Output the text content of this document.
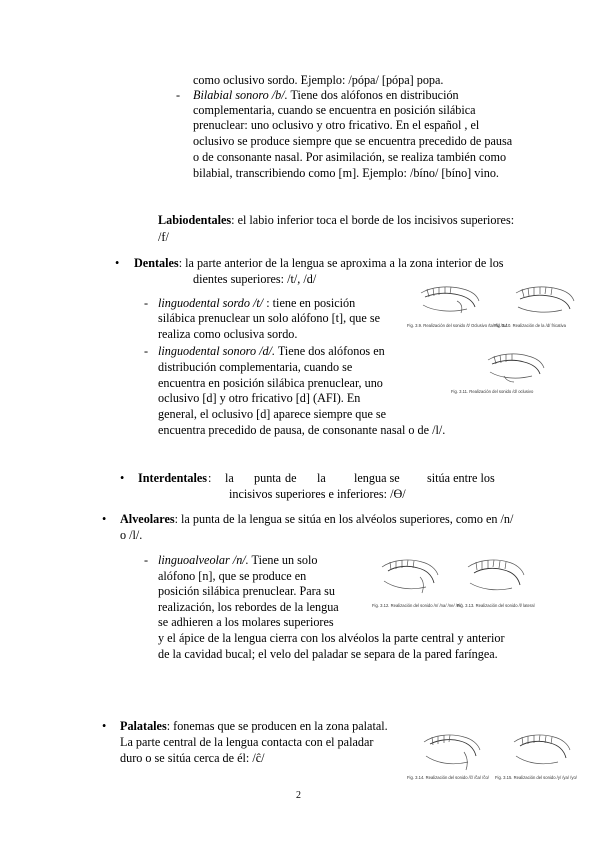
como oclusivo sordo. Ejemplo: /pópa/ [pópa] popa.
- Bilabial sonoro /b/. Tiene dos alófonos en distribución
complementaria, cuando se encuentra en posición silábica
prenuclear: uno oclusivo y otro fricativo. En el español , el
oclusivo se produce siempre que se encuentra precedido de pausa
o de consonante nasal. Por asimilación, se realiza también como
bilabial, transcribiendo como [m]. Ejemplo: /bíno/ [bíno] vino.
Labiodentales: el labio inferior toca el borde de los incisivos superiores:
/f/
• Dentales: la parte anterior de la lengua se aproxima a la zona interior de los
dientes superiores: /t/, /d/
- linguodental sordo /t/ : tiene en posición
silábica prenuclear un solo alófono [t], que se
realiza como oclusiva sordo.
- linguodental sonoro /d/. Tiene dos alófonos en
distribución complementaria, cuando se
encuentra en posición silábica prenuclear, uno
oclusivo [d] y otro fricativo [d] (AFI). En
general, el oclusivo [d] aparece siempre que se
encuentra precedido de pausa, de consonante nasal o de /l/.
Fig. 3.9. Realización del sonido /t/ Oclusivo /ta/ /ti/ /tu/
Fig. 3.10. Realización de la /d/ fricativa
Fig. 3.11. Realización del sonido /d/ oclusivo
• Interdentales : la punta de la lengua se sitúa entre los
incisivos superiores e inferiores: /Ɵ/
• Alveolares: la punta de la lengua se sitúa en los alvéolos superiores, como en /n/
o /l/.
- linguoalveolar /n/. Tiene un solo
alófono [n], que se produce en
posición silábica prenuclear. Para su
realización, los rebordes de la lengua
se adhieren a los molares superiores
y el ápice de la lengua cierra con los alvéolos la parte central y anterior
de la cavidad bucal; el velo del paladar se separa de la pared faríngea.
Fig. 3.12. Realización del sonido /n/ /na/ /ne/ /ni/
Fig. 3.13. Realización del sonido /l/ lateral
• Palatales: fonemas que se producen en la zona palatal.
La parte central de la lengua contacta con el paladar
duro o se sitúa cerca de él: /ĉ/
Fig. 3.14. Realización del sonido /ĉ/ /ĉa/ /ĉo/ Fig. 3.15. Realización del sonido /y/ /ya/ /yo/
2
